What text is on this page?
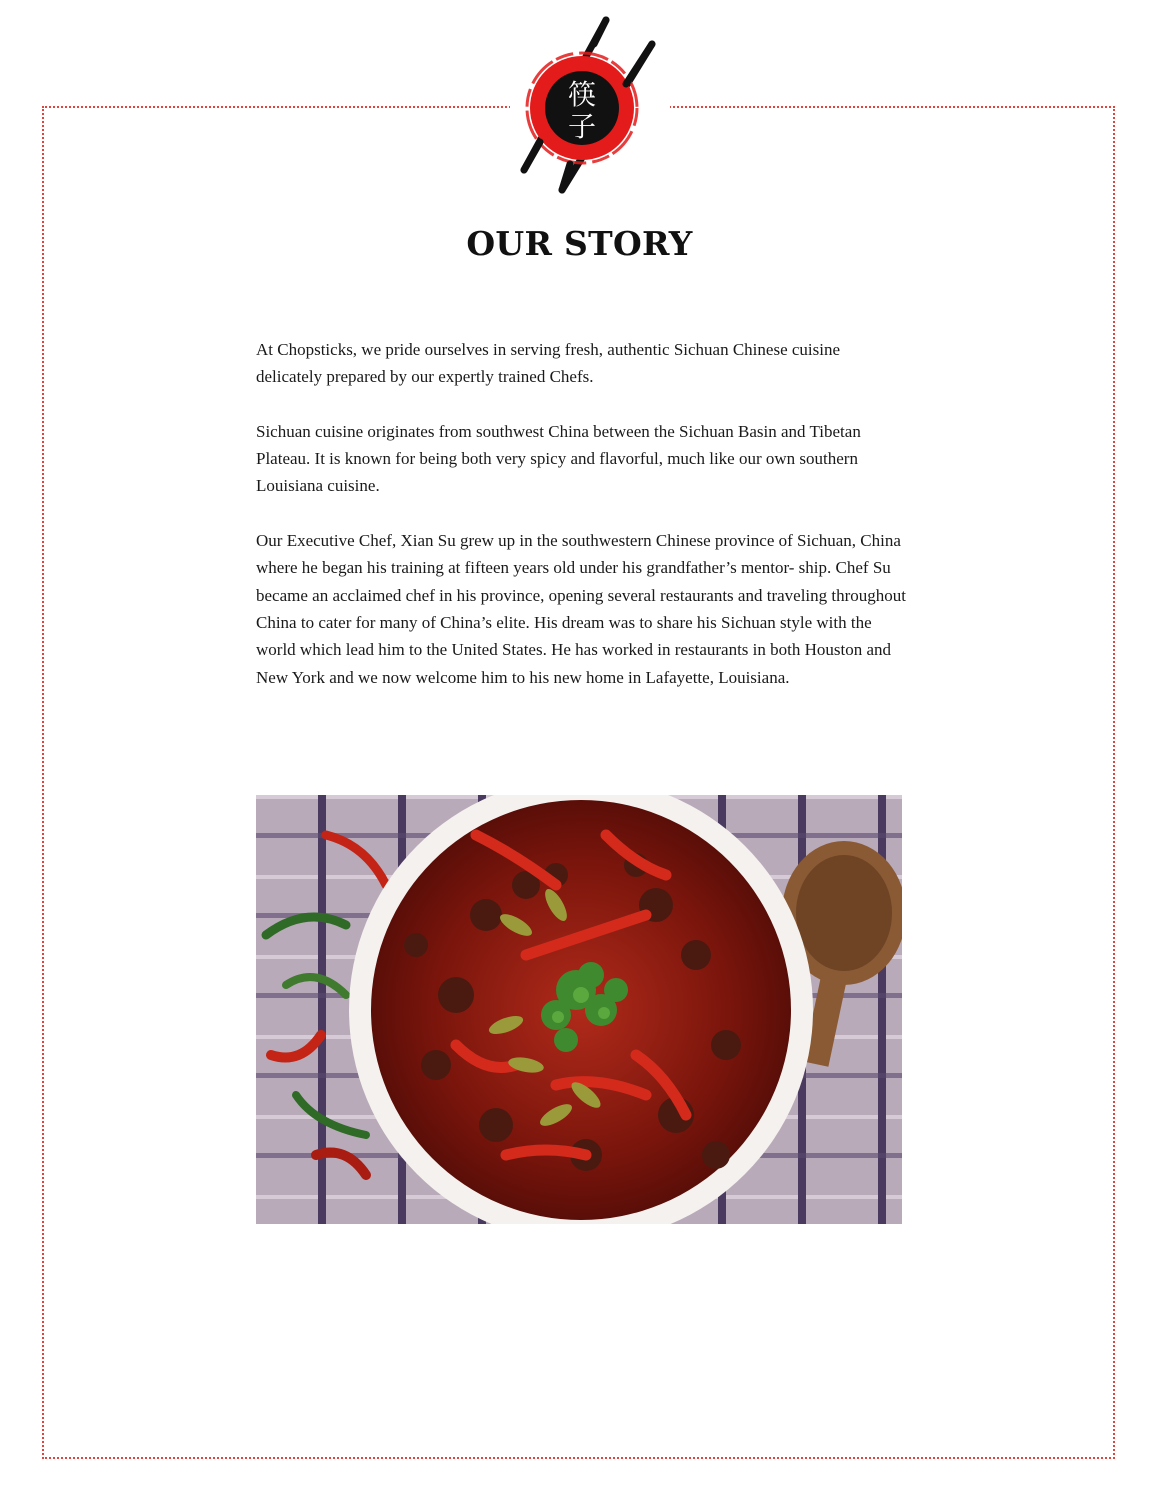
筷
子
OUR STORY

At Chopsticks, we pride ourselves in serving fresh, authentic Sichuan Chinese cuisine delicately prepared by our expertly trained Chefs.

Sichuan cuisine originates from southwest China between the Sichuan Basin and Tibetan Plateau. It is known for being both very spicy and flavorful, much like our own southern Louisiana cuisine.

Our Executive Chef, Xian Su grew up in the southwestern Chinese province of Sichuan, China where he began his training at fifteen years old under his grandfather’s mentor- ship. Chef Su became an acclaimed chef in his province, opening several restaurants and traveling throughout China to cater for many of China’s elite. His dream was to share his Sichuan style with the world which lead him to the United States. He has worked in restaurants in both Houston and New York and we now welcome him to his new home in Lafayette, Louisiana.
